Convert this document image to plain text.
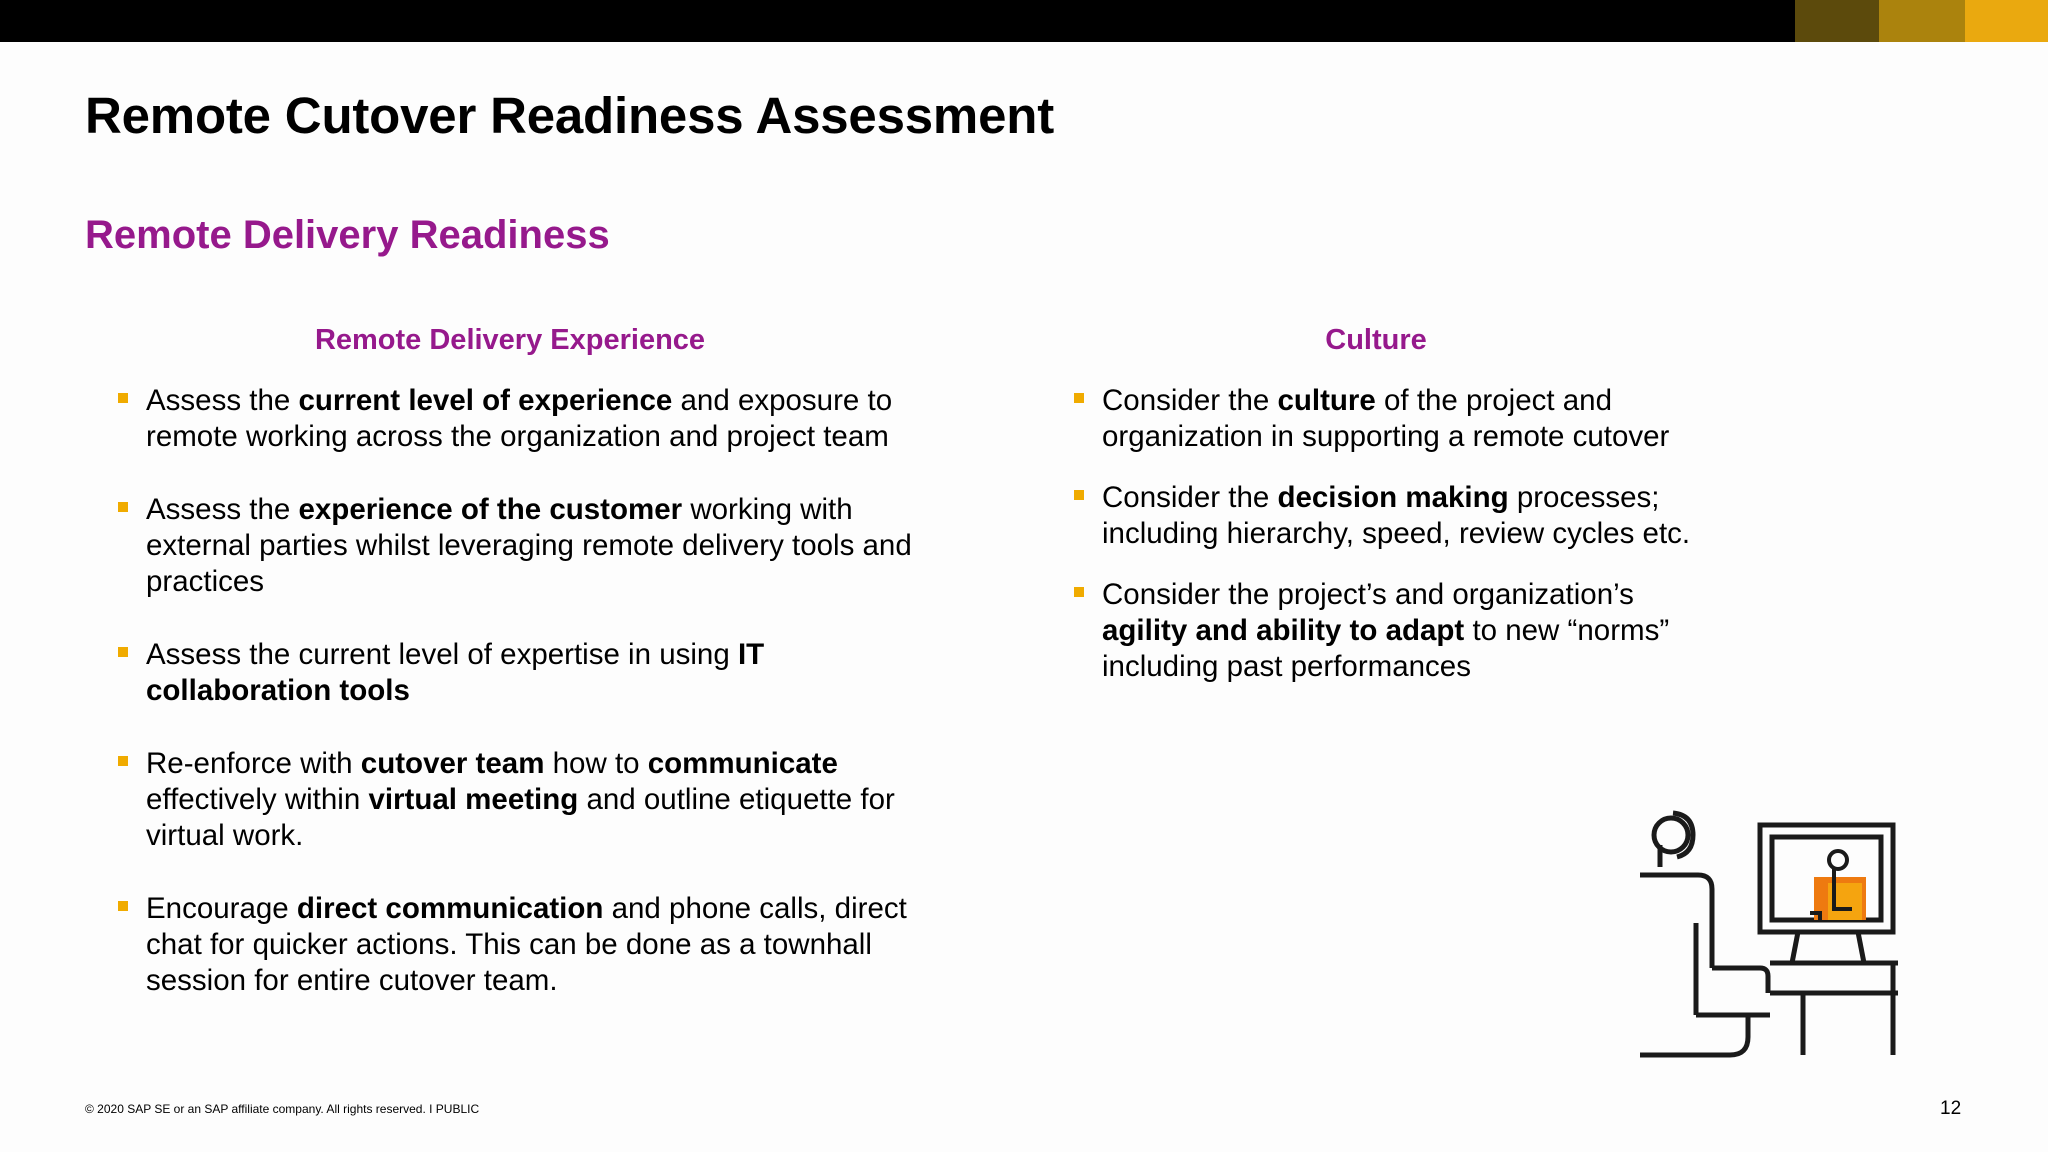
Remote Cutover Readiness Assessment
Remote Delivery Readiness
Remote Delivery Experience	Culture
Assess the current level of experience and exposure to
remote working across the organization and project team
Assess the experience of the customer working with
external parties whilst leveraging remote delivery tools and
practices
Assess the current level of expertise in using IT
collaboration tools
Re-enforce with cutover team how to communicate
effectively within virtual meeting and outline etiquette for
virtual work.
Encourage direct communication and phone calls, direct
chat for quicker actions. This can be done as a townhall
session for entire cutover team.
Consider the culture of the project and
organization in supporting a remote cutover
Consider the decision making processes;
including hierarchy, speed, review cycles etc.
Consider the project’s and organization’s
agility and ability to adapt to new “norms”
including past performances
© 2020 SAP SE or an SAP affiliate company. All rights reserved. I PUBLIC	12
